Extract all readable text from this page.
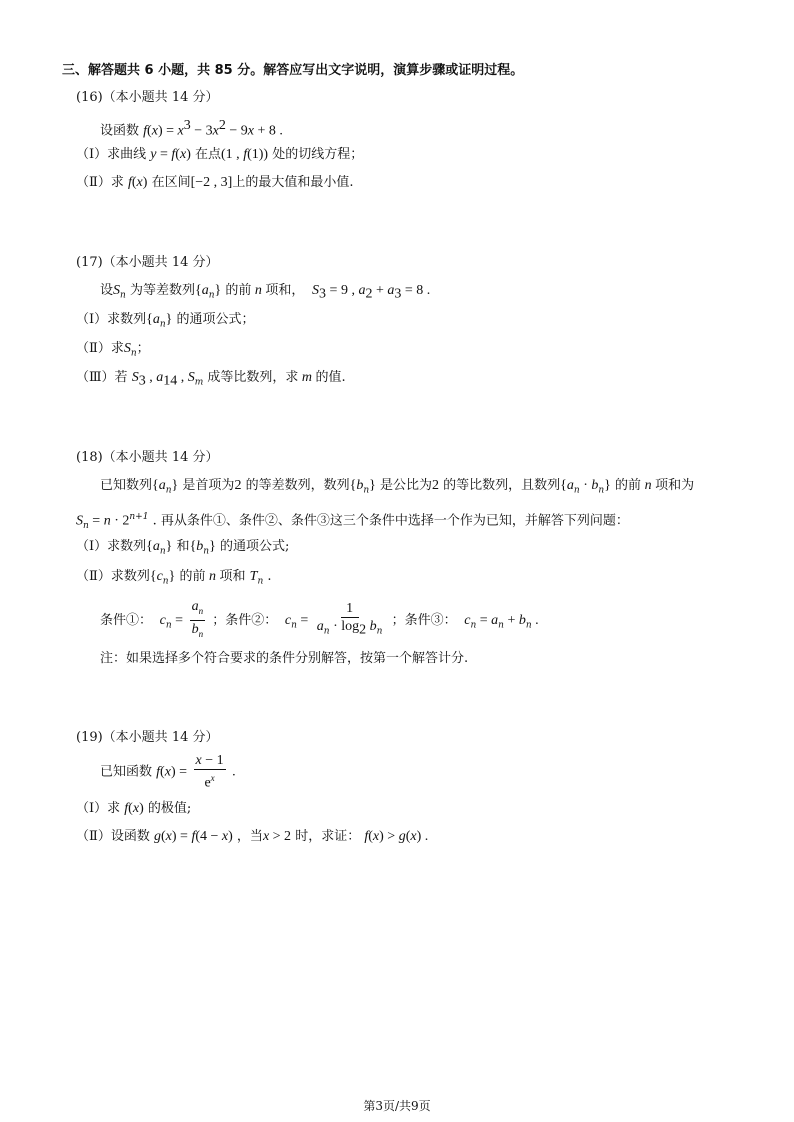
三、解答题共 6 小题，共 85 分。解答应写出文字说明，演算步骤或证明过程。
(16)（本小题共 14 分）
设函数 $f(x) = x^3 - 3x^2 - 9x + 8$ .
（Ⅰ）求曲线 y = f(x) 在点(1 , f(1)) 处的切线方程；
（Ⅱ）求 f(x) 在区间[−2 , 3]上的最大值和最小值.
(17)（本小题共 14 分）
设$S_n$ 为等差数列$\{a_n\}$ 的前 n 项和，  $S_3 = 9$ , $a_2 + a_3 = 8$ .
（Ⅰ）求数列$\{a_n\}$ 的通项公式；
（Ⅱ）求$S_n$；
（Ⅲ）若 $S_3$ , $a_{14}$ , $S_m$ 成等比数列，求 m 的值.
(18)（本小题共 14 分）
已知数列$\{a_n\}$ 是首项为2 的等差数列，数列$\{b_n\}$ 是公比为2 的等比数列，且数列$\{a_n \cdot b_n\}$ 的前 n 项和为
$S_n = n \cdot 2^{n+1}$ . 再从条件①、条件②、条件③这三个条件中选择一个作为已知，并解答下列问题：
（Ⅰ）求数列$\{a_n\}$ 和$\{b_n\}$ 的通项公式;
（Ⅱ）求数列$\{c_n\}$ 的前 n 项和 $T_n$ .
条件①：  $c_n = \frac{a_n}{b_n}$ ；条件②：  $c_n = \frac{1}{a_n \cdot \log_2 b_n}$ ；条件③：  $c_n = a_n + b_n$ .
注：如果选择多个符合要求的条件分别解答，按第一个解答计分.
(19)（本小题共 14 分）
已知函数 $f(x) = \frac{x - 1}{e^x}$ .
（Ⅰ）求 f(x) 的极值;
（Ⅱ）设函数 g(x) = f(4 − x) ，当x > 2 时，求证： f(x) > g(x) .
第3页/共9页
